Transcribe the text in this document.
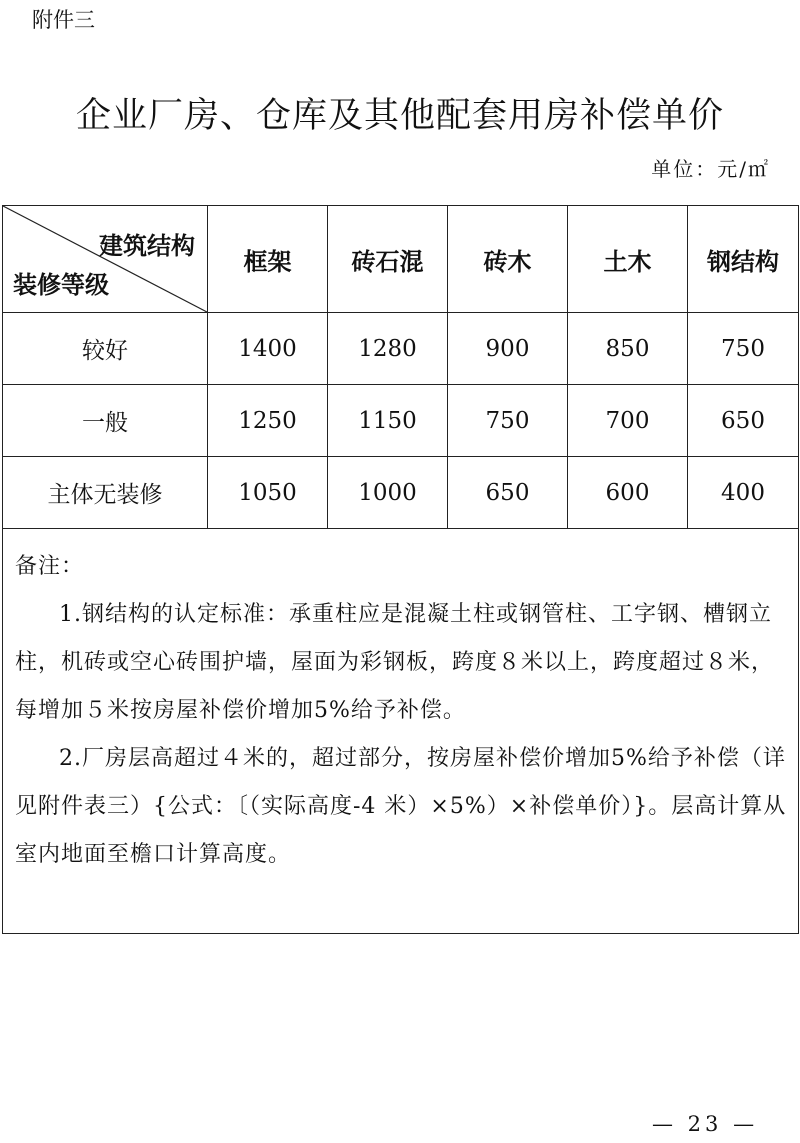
附件三
企业厂房、仓库及其他配套用房补偿单价
单位：元/㎡
建筑结构
装修等级	框架	砖石混	砖木	土木	钢结构
较好	1400	1280	900	850	750
一般	1250	1150	750	700	650
主体无装修	1050	1000	650	600	400

备注：

1.钢结构的认定标准：承重柱应是混凝土柱或钢管柱、工字钢、槽钢立柱，机砖或空心砖围护墙，屋面为彩钢板，跨度８米以上，跨度超过８米，每增加５米按房屋补偿价增加5%给予补偿。

2.厂房层高超过４米的，超过部分，按房屋补偿价增加5%给予补偿（详见附件表三）{公式：〔（实际高度-4 米）×5%）×补偿单价）}。层高计算从室内地面至檐口计算高度。					

— 23 —
